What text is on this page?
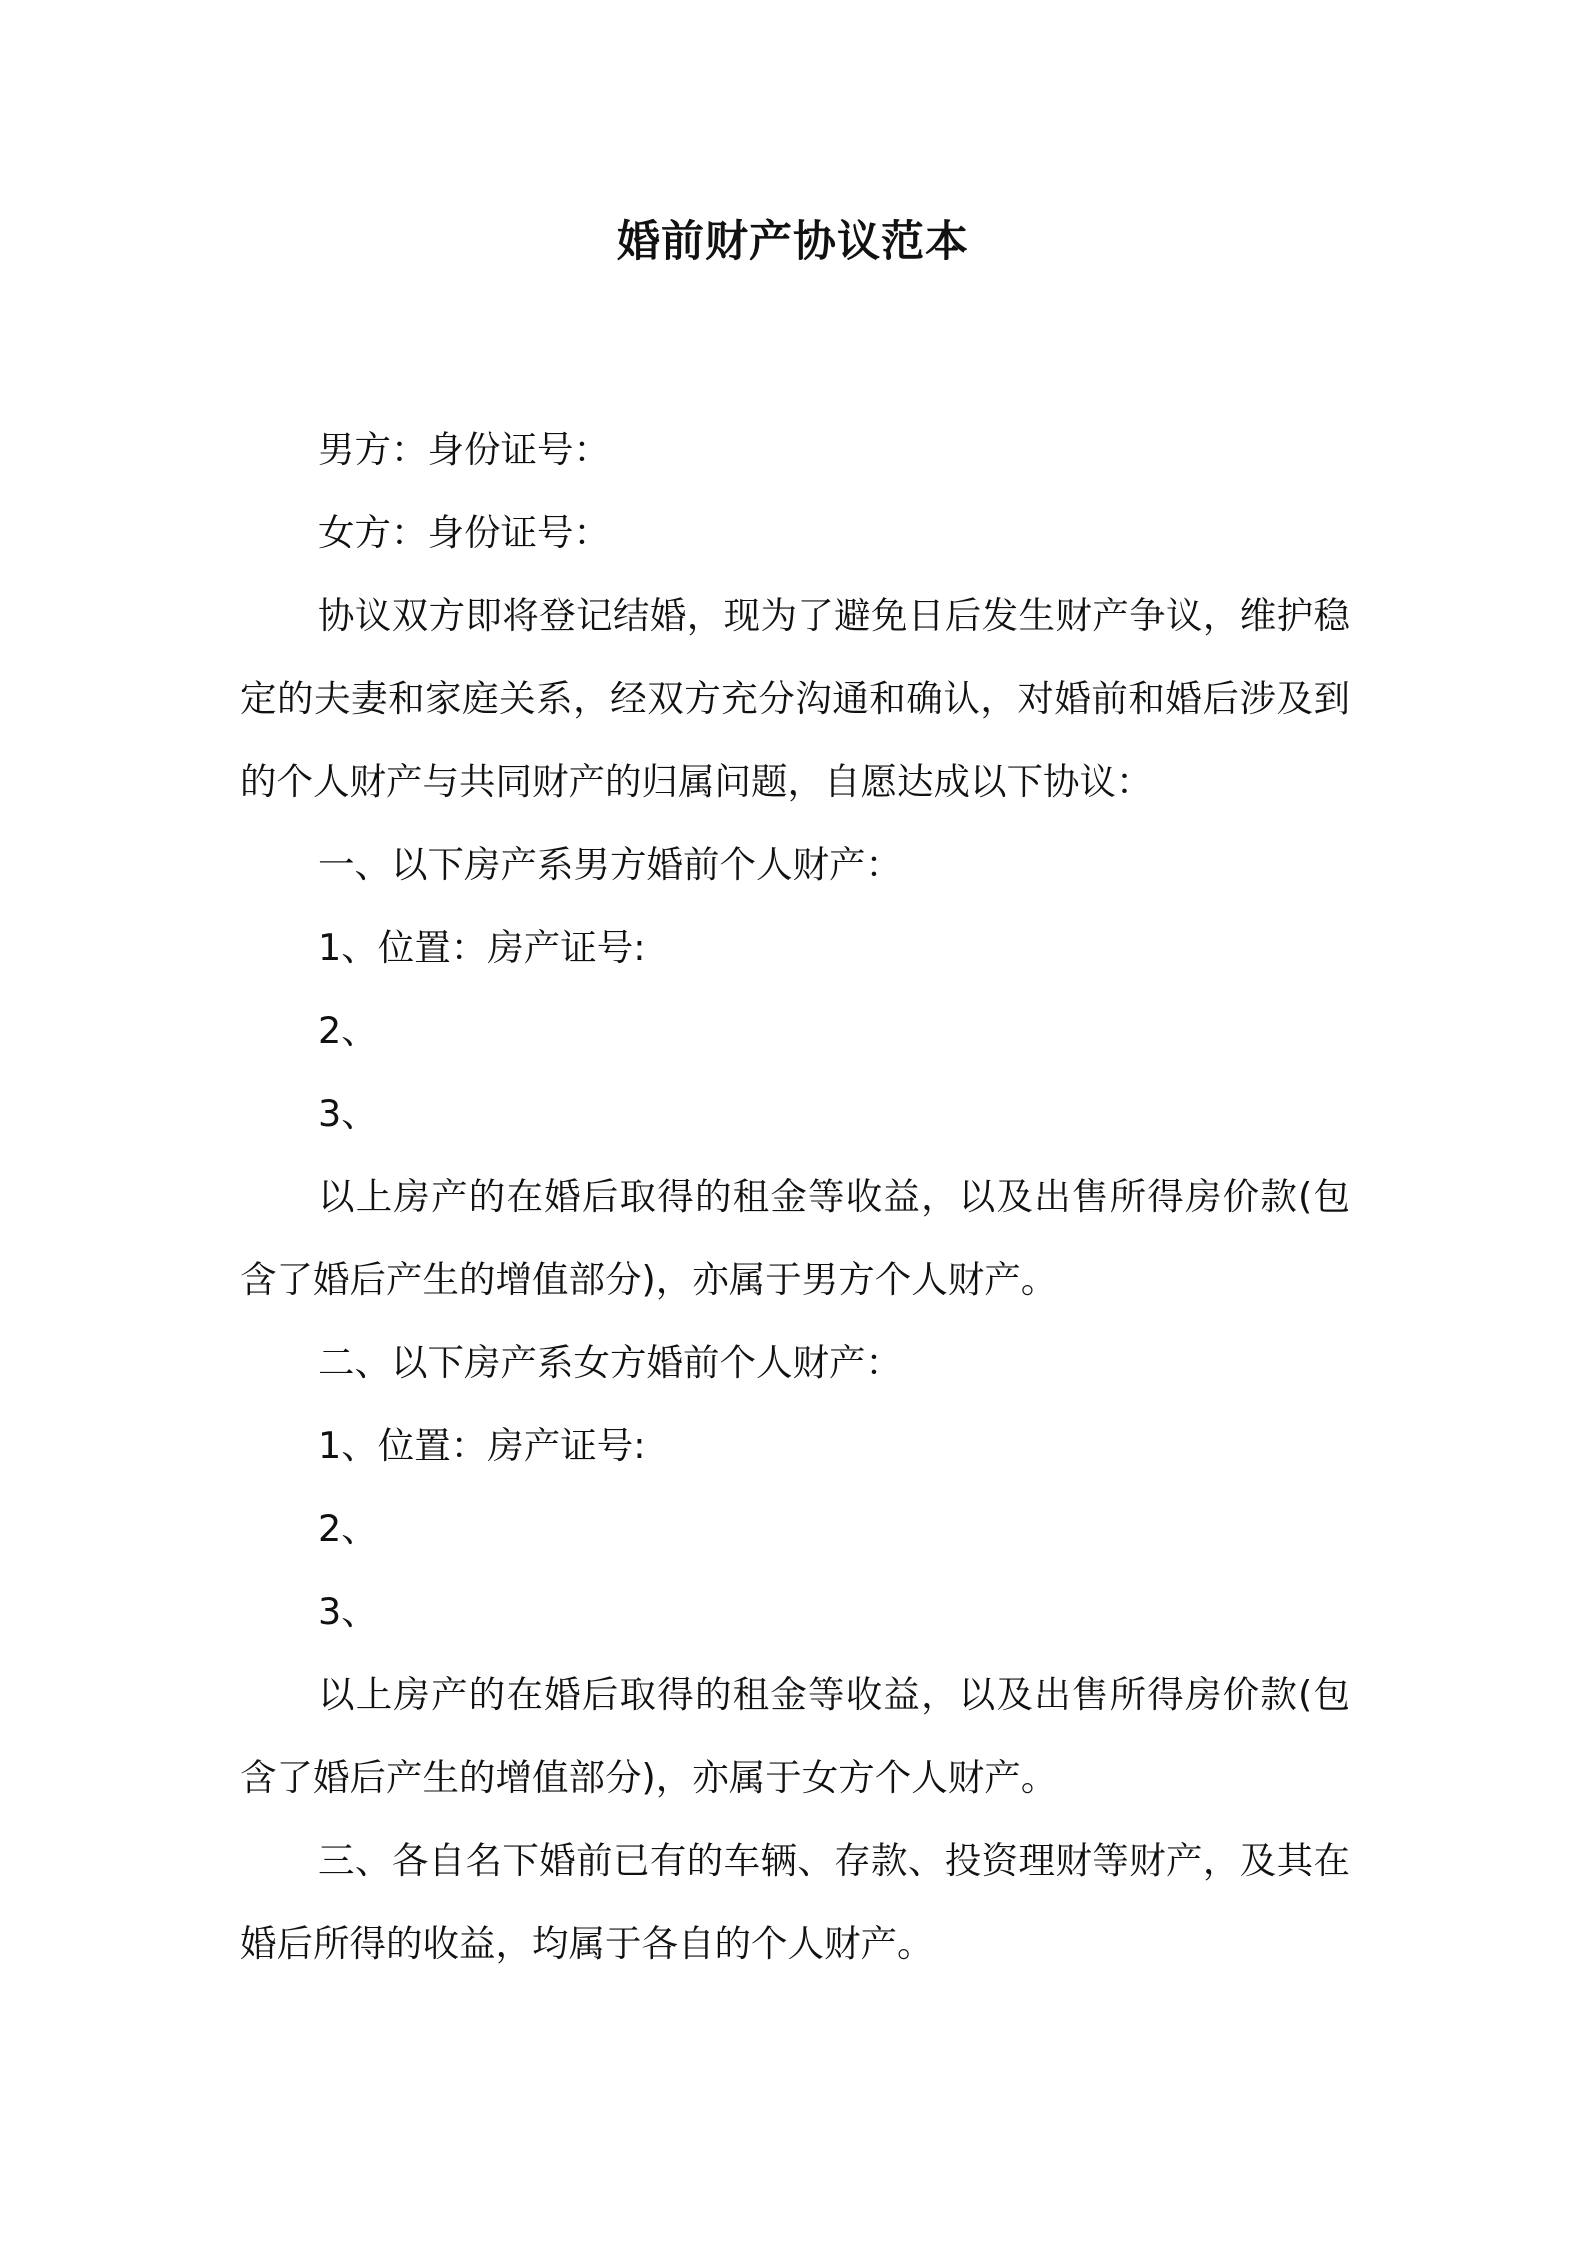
婚前财产协议范本

男方：身份证号：

女方：身份证号：

协议双方即将登记结婚，现为了避免日后发生财产争议，维护稳定的夫妻和家庭关系，经双方充分沟通和确认，对婚前和婚后涉及到的个人财产与共同财产的归属问题，自愿达成以下协议：

一、以下房产系男方婚前个人财产：

1、位置：房产证号:

2、

3、

以上房产的在婚后取得的租金等收益，以及出售所得房价款(包含了婚后产生的增值部分)，亦属于男方个人财产。

二、以下房产系女方婚前个人财产：

1、位置：房产证号:

2、

3、

以上房产的在婚后取得的租金等收益，以及出售所得房价款(包含了婚后产生的增值部分)，亦属于女方个人财产。

三、各自名下婚前已有的车辆、存款、投资理财等财产，及其在婚后所得的收益，均属于各自的个人财产。
